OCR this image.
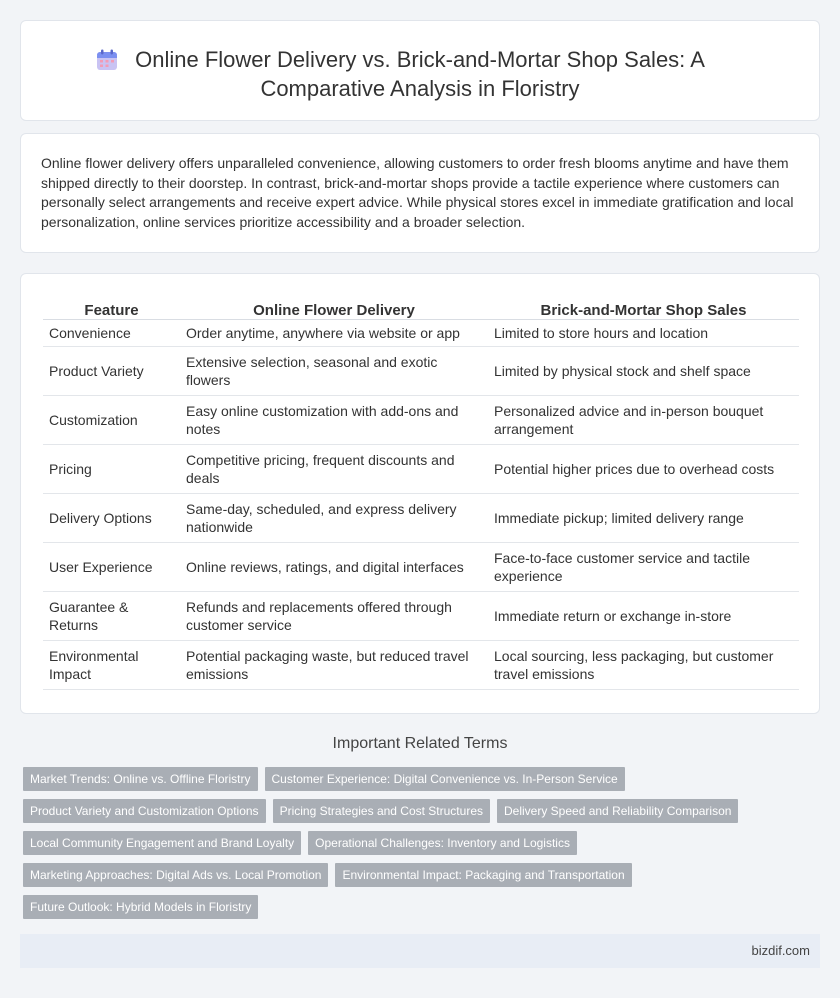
Online Flower Delivery vs. Brick-and-Mortar Shop Sales: A
Comparative Analysis in Floristry

Online flower delivery offers unparalleled convenience, allowing customers to order fresh blooms anytime and have them shipped directly to their doorstep. In contrast, brick-and-mortar shops provide a tactile experience where customers can personally select arrangements and receive expert advice. While physical stores excel in immediate gratification and local personalization, online services prioritize accessibility and a broader selection.

Feature	Online Flower Delivery	Brick-and-Mortar Shop Sales
Convenience	Order anytime, anywhere via website or app	Limited to store hours and location
Product Variety	Extensive selection, seasonal and exotic flowers	Limited by physical stock and shelf space
Customization	Easy online customization with add-ons and notes	Personalized advice and in-person bouquet arrangement
Pricing	Competitive pricing, frequent discounts and deals	Potential higher prices due to overhead costs
Delivery Options	Same-day, scheduled, and express delivery nationwide	Immediate pickup; limited delivery range
User Experience	Online reviews, ratings, and digital interfaces	Face-to-face customer service and tactile experience
Guarantee & Returns	Refunds and replacements offered through customer service	Immediate return or exchange in-store
Environmental Impact	Potential packaging waste, but reduced travel emissions	Local sourcing, less packaging, but customer travel emissions
Important Related Terms
Market Trends: Online vs. Offline Floristry	Customer Experience: Digital Convenience vs. In-Person Service
Product Variety and Customization Options	Pricing Strategies and Cost Structures	Delivery Speed and Reliability Comparison
Local Community Engagement and Brand Loyalty	Operational Challenges: Inventory and Logistics
Marketing Approaches: Digital Ads vs. Local Promotion	Environmental Impact: Packaging and Transportation
Future Outlook: Hybrid Models in Floristry
bizdif.com
